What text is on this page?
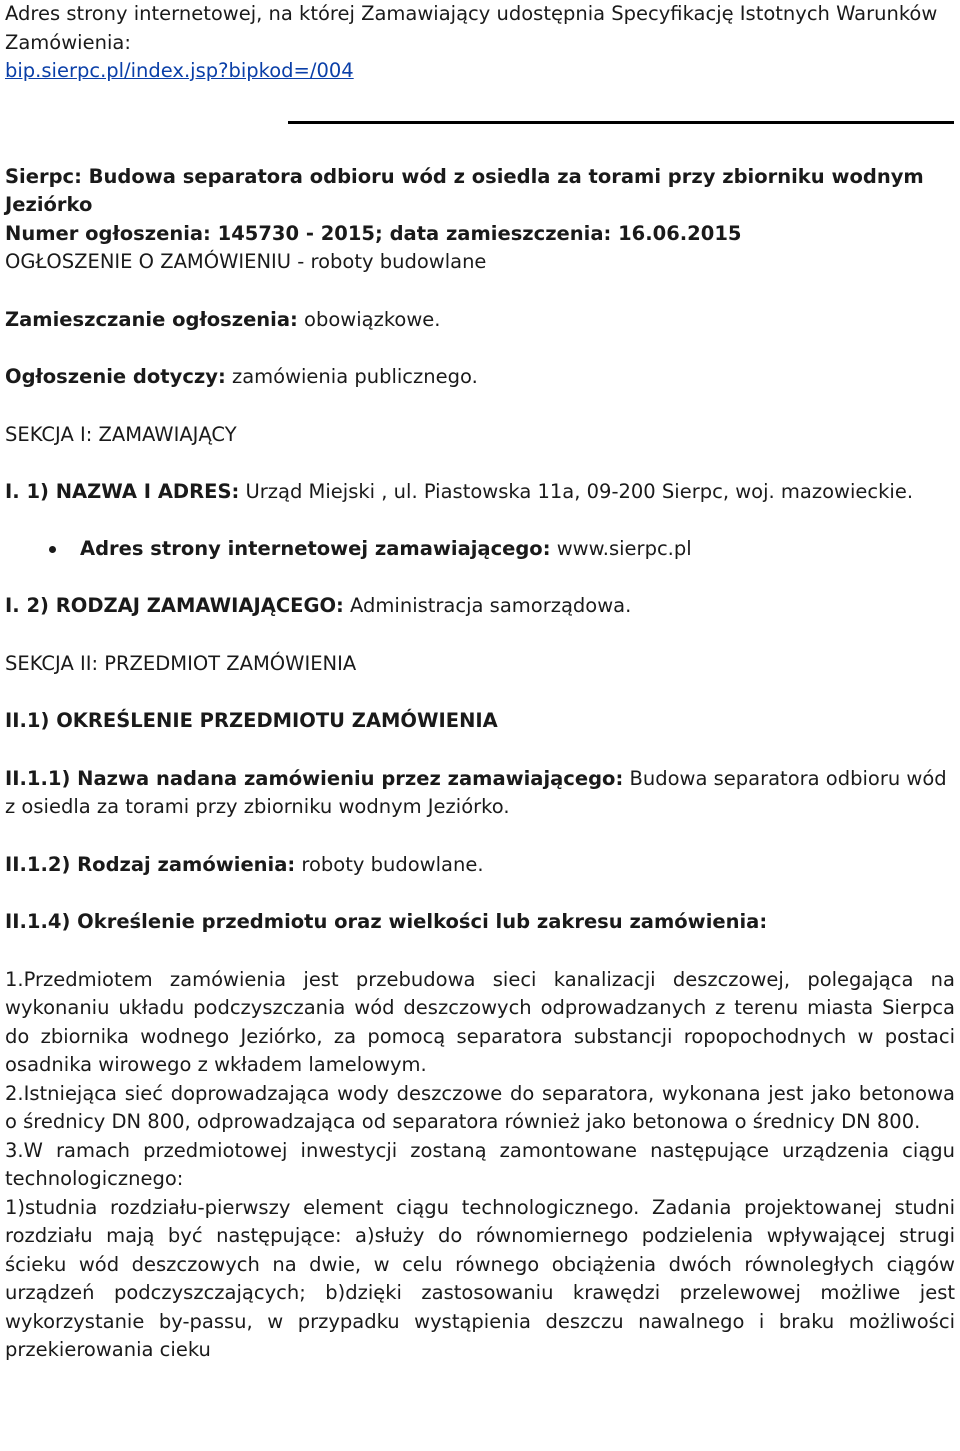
Adres strony internetowej, na której Zamawiający udostępnia Specyfikację Istotnych Warunków Zamówienia:

bip.sierpc.pl/index.jsp?bipkod=/004

Sierpc: Budowa separatora odbioru wód z osiedla za torami przy zbiorniku wodnym Jeziórko
Numer ogłoszenia: 145730 - 2015; data zamieszczenia: 16.06.2015
OGŁOSZENIE O ZAMÓWIENIU - roboty budowlane

Zamieszczanie ogłoszenia: obowiązkowe.

Ogłoszenie dotyczy: zamówienia publicznego.

SEKCJA I: ZAMAWIAJĄCY

I. 1) NAZWA I ADRES: Urząd Miejski , ul. Piastowska 11a, 09-200 Sierpc, woj. mazowieckie.

Adres strony internetowej zamawiającego: www.sierpc.pl

I. 2) RODZAJ ZAMAWIAJĄCEGO: Administracja samorządowa.

SEKCJA II: PRZEDMIOT ZAMÓWIENIA

II.1) OKREŚLENIE PRZEDMIOTU ZAMÓWIENIA

II.1.1) Nazwa nadana zamówieniu przez zamawiającego: Budowa separatora odbioru wód z osiedla za torami przy zbiorniku wodnym Jeziórko.

II.1.2) Rodzaj zamówienia: roboty budowlane.

II.1.4) Określenie przedmiotu oraz wielkości lub zakresu zamówienia:

1.Przedmiotem zamówienia jest przebudowa sieci kanalizacji deszczowej, polegająca na wykonaniu układu podczyszczania wód deszczowych odprowadzanych z terenu miasta Sierpca do zbiornika wodnego Jeziórko, za pomocą separatora substancji ropopochodnych w postaci osadnika wirowego z wkładem lamelowym.

2.Istniejąca sieć doprowadzająca wody deszczowe do separatora, wykonana jest jako betonowa o średnicy DN 800, odprowadzająca od separatora również jako betonowa o średnicy DN 800.

3.W ramach przedmiotowej inwestycji zostaną zamontowane następujące urządzenia ciągu technologicznego:

1)studnia rozdziału-pierwszy element ciągu technologicznego. Zadania projektowanej studni rozdziału mają być następujące: a)służy do równomiernego podzielenia wpływającej strugi ścieku wód deszczowych na dwie, w celu równego obciążenia dwóch równoległych ciągów urządzeń podczyszczających; b)dzięki zastosowaniu krawędzi przelewowej możliwe jest wykorzystanie by-passu, w przypadku wystąpienia deszczu nawalnego i braku możliwości przekierowania cieku
